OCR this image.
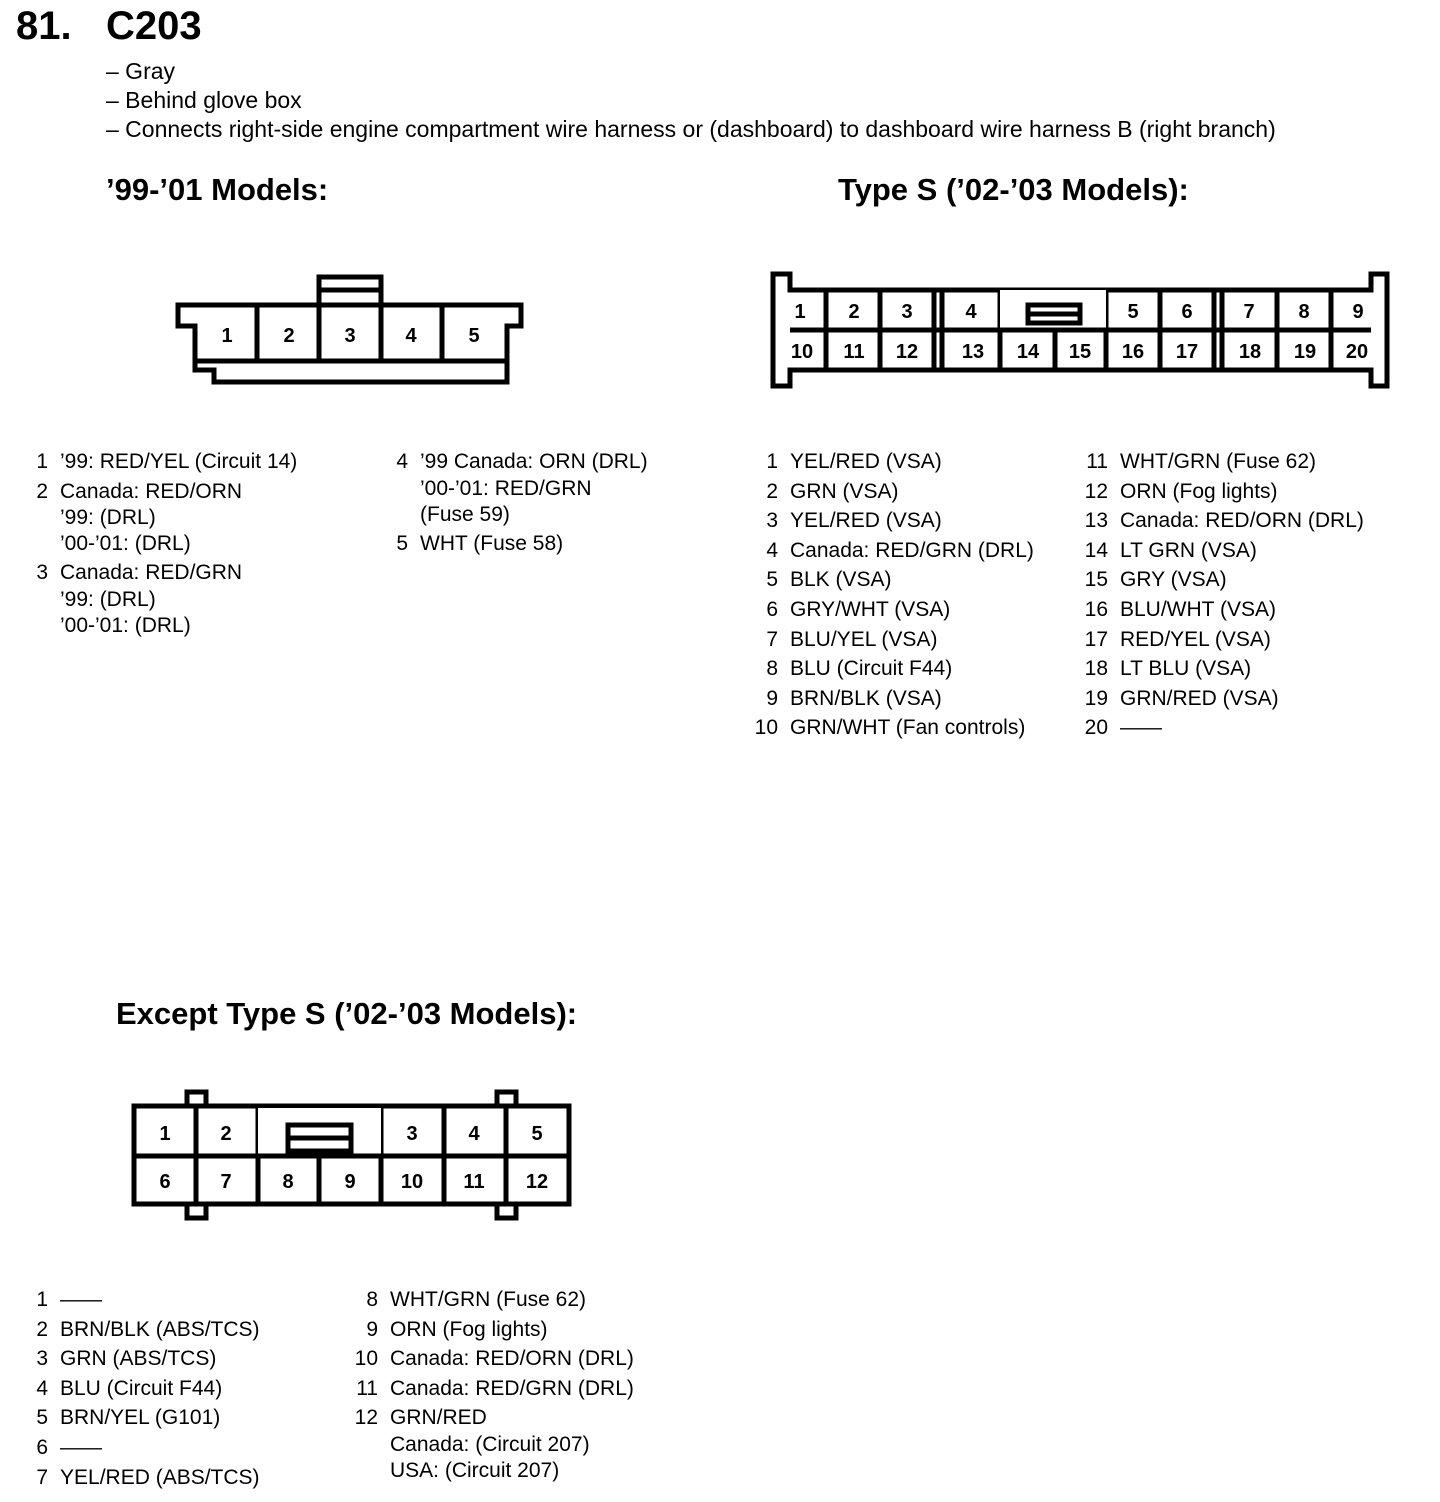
81. C203
– Gray
– Behind glove box
– Connects right-side engine compartment wire harness or (dashboard) to dashboard wire harness B (right branch)
’99-’01 Models:	Type S (’02-’03 Models):
Except Type S (’02-’03 Models):
1	2 3 4	5
1 2 3	4	5 6	7 8 9
10 11 12 13 14 15 16 17 18 19 20
1 2	3	4	5
6 7	8	9 10 11 12
1 ’99: RED/YEL (Circuit 14)
2 Canada: RED/ORN
’99: (DRL)
’00-’01: (DRL)
3 Canada: RED/GRN
’99: (DRL)
’00-’01: (DRL)
4 ’99 Canada: ORN (DRL)
’00-’01: RED/GRN
(Fuse 59)
5 WHT (Fuse 58)
1 YEL/RED (VSA)
2 GRN (VSA)
3 YEL/RED (VSA)
4 Canada: RED/GRN (DRL)
5 BLK (VSA)
6 GRY/WHT (VSA)
7 BLU/YEL (VSA)
8 BLU (Circuit F44)
9 BRN/BLK (VSA)
10 GRN/WHT (Fan controls)
11 WHT/GRN (Fuse 62)
12 ORN (Fog lights)
13 Canada: RED/ORN (DRL)
14 LT GRN (VSA)
15 GRY (VSA)
16 BLU/WHT (VSA)
17 RED/YEL (VSA)
18 LT BLU (VSA)
19 GRN/RED (VSA)
20 ——
1 ——
2 BRN/BLK (ABS/TCS)
3 GRN (ABS/TCS)
4 BLU (Circuit F44)
5 BRN/YEL (G101)
6 ——
7 YEL/RED (ABS/TCS)
8 WHT/GRN (Fuse 62)
9 ORN (Fog lights)
10 Canada: RED/ORN (DRL)
11 Canada: RED/GRN (DRL)
12 GRN/RED
Canada: (Circuit 207)
USA: (Circuit 207)
